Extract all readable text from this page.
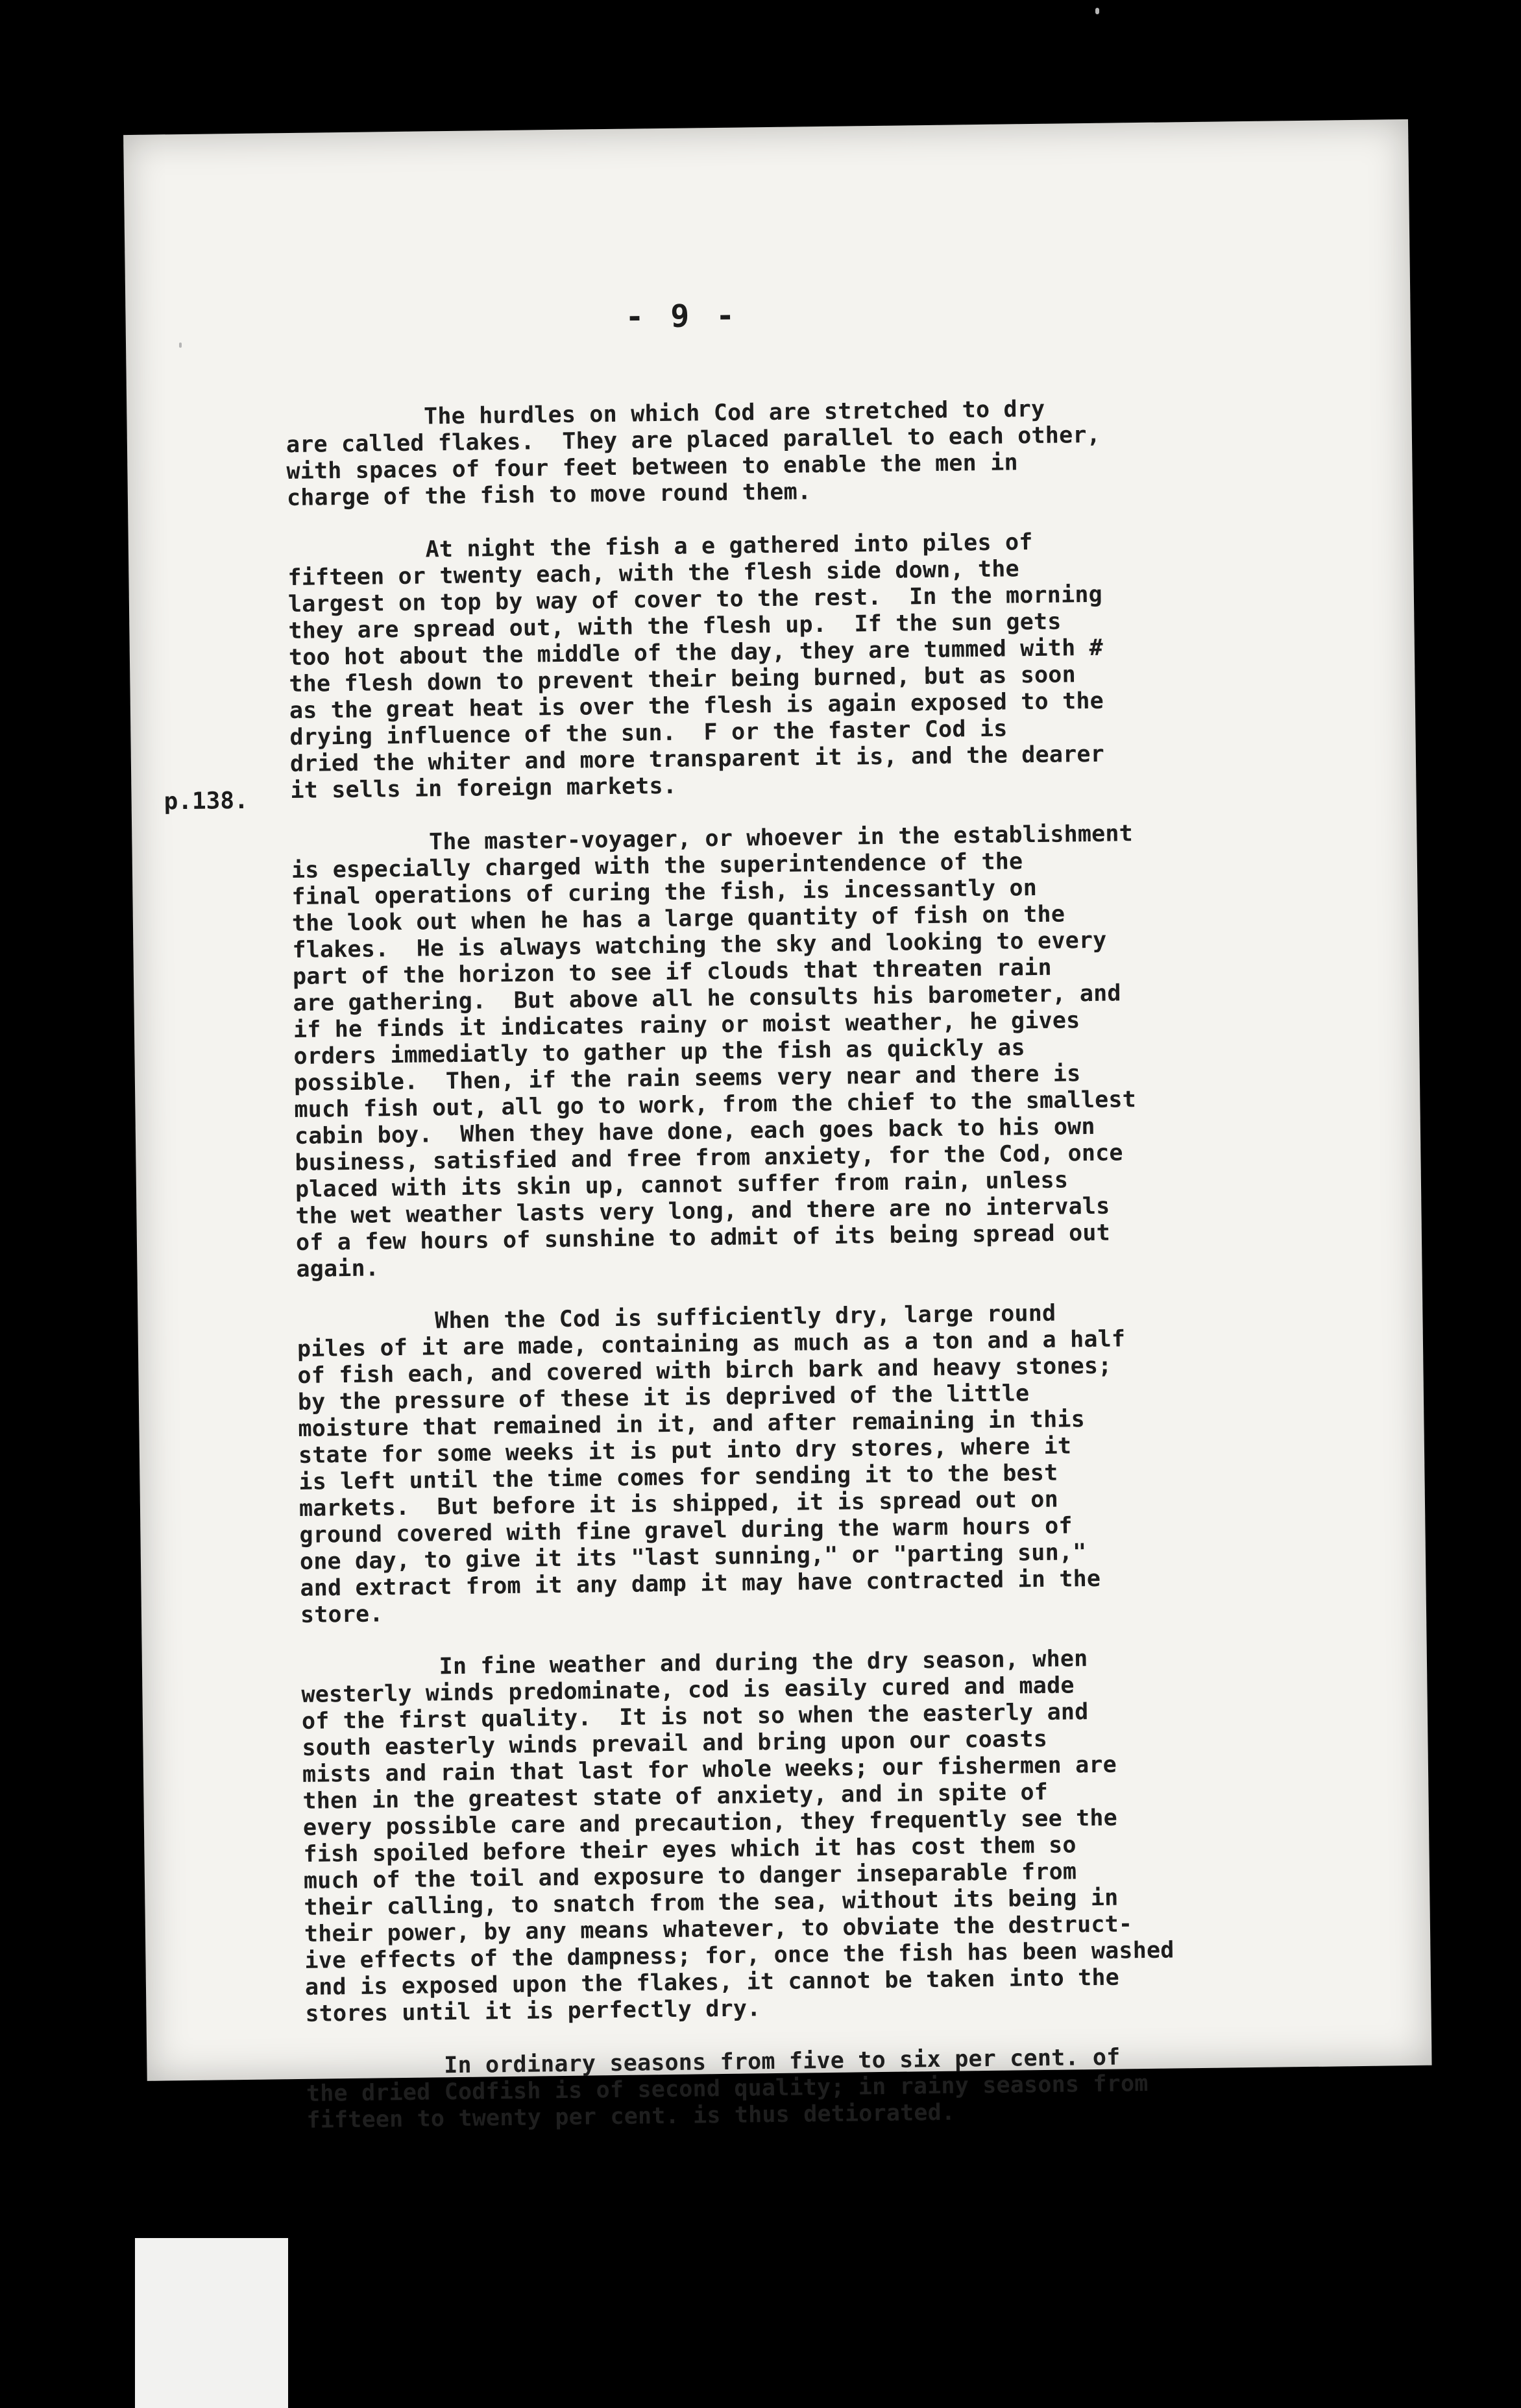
- 9 -
p.138.

The hurdles on which Cod are stretched to dry
are called flakes.  They are placed parallel to each other,
with spaces of four feet between to enable the men in
charge of the fish to move round them.

At night the fish a e gathered into piles of
fifteen or twenty each, with the flesh side down, the
largest on top by way of cover to the rest.  In the morning
they are spread out, with the flesh up.  If the sun gets
too hot about the middle of the day, they are tummed with #
the flesh down to prevent their being burned, but as soon
as the great heat is over the flesh is again exposed to the
drying influence of the sun.  F or the faster Cod is
dried the whiter and more transparent it is, and the dearer
it sells in foreign markets.

The master-voyager, or whoever in the establishment
is especially charged with the superintendence of the
final operations of curing the fish, is incessantly on
the look out when he has a large quantity of fish on the
flakes.  He is always watching the sky and looking to every
part of the horizon to see if clouds that threaten rain
are gathering.  But above all he consults his barometer, and
if he finds it indicates rainy or moist weather, he gives
orders immediatly to gather up the fish as quickly as
possible.  Then, if the rain seems very near and there is
much fish out, all go to work, from the chief to the smallest
cabin boy.  When they have done, each goes back to his own
business, satisfied and free from anxiety, for the Cod, once
placed with its skin up, cannot suffer from rain, unless
the wet weather lasts very long, and there are no intervals
of a few hours of sunshine to admit of its being spread out
again.

When the Cod is sufficiently dry, large round
piles of it are made, containing as much as a ton and a half
of fish each, and covered with birch bark and heavy stones;
by the pressure of these it is deprived of the little
moisture that remained in it, and after remaining in this
state for some weeks it is put into dry stores, where it
is left until the time comes for sending it to the best
markets.  But before it is shipped, it is spread out on
ground covered with fine gravel during the warm hours of
one day, to give it its "last sunning," or "parting sun,"
and extract from it any damp it may have contracted in the
store.

In fine weather and during the dry season, when
westerly winds predominate, cod is easily cured and made
of the first quality.  It is not so when the easterly and
south easterly winds prevail and bring upon our coasts
mists and rain that last for whole weeks; our fishermen are
then in the greatest state of anxiety, and in spite of
every possible care and precaution, they frequently see the
fish spoiled before their eyes which it has cost them so
much of the toil and exposure to danger inseparable from
their calling, to snatch from the sea, without its being in
their power, by any means whatever, to obviate the destruct-
ive effects of the dampness; for, once the fish has been washed
and is exposed upon the flakes, it cannot be taken into the
stores until it is perfectly dry.

In ordinary seasons from five to six per cent. of
the dried Codfish is of second quality; in rainy seasons from
fifteen to twenty per cent. is thus detiorated.
